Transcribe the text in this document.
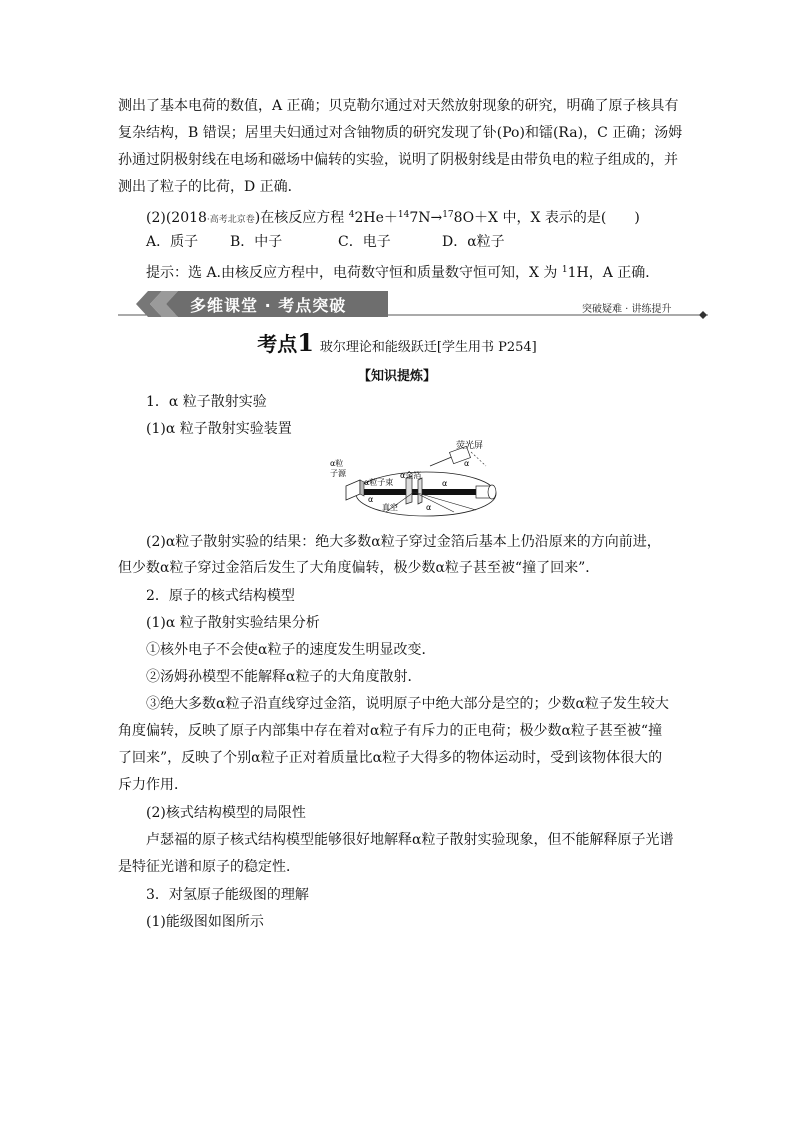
测出了基本电荷的数值，A 正确；贝克勒尔通过对天然放射现象的研究，明确了原子核具有
复杂结构，B 错误；居里夫妇通过对含铀物质的研究发现了钋(Po)和镭(Ra)，C 正确；汤姆
孙通过阴极射线在电场和磁场中偏转的实验，说明了阴极射线是由带负电的粒子组成的，并
测出了粒子的比荷，D 正确．
(2)(2018·高考北京卷)在核反应方程 $^4$2He＋$^{14}$7N→$^{17}$8O＋X 中，X 表示的是(　　)
A．质子 B．中子	C．电子	D．α粒子
提示：选 A.由核反应方程中，电荷数守恒和质量数守恒可知，X 为 $^1$1H，A 正确．
多维课堂 · 考点突破	突破疑难 · 讲练提升
考点1 玻尔理论和能级跃迁[学生用书 P254]
【知识提炼】
1．α 粒子散射实验
(1)α 粒子散射实验装置
荧光屏
α粒
子源	α金箔
α粒子束
真空	α
α
α
α
(2)α粒子散射实验的结果：绝大多数α粒子穿过金箔后基本上仍沿原来的方向前进，
但少数α粒子穿过金箔后发生了大角度偏转，极少数α粒子甚至被“撞了回来”．
2．原子的核式结构模型
(1)α 粒子散射实验结果分析
①核外电子不会使α粒子的速度发生明显改变．
②汤姆孙模型不能解释α粒子的大角度散射．
③绝大多数α粒子沿直线穿过金箔，说明原子中绝大部分是空的；少数α粒子发生较大
角度偏转，反映了原子内部集中存在着对α粒子有斥力的正电荷；极少数α粒子甚至被“撞
了回来”，反映了个别α粒子正对着质量比α粒子大得多的物体运动时，受到该物体很大的
斥力作用．
(2)核式结构模型的局限性
卢瑟福的原子核式结构模型能够很好地解释α粒子散射实验现象，但不能解释原子光谱
是特征光谱和原子的稳定性．
3．对氢原子能级图的理解
(1)能级图如图所示
